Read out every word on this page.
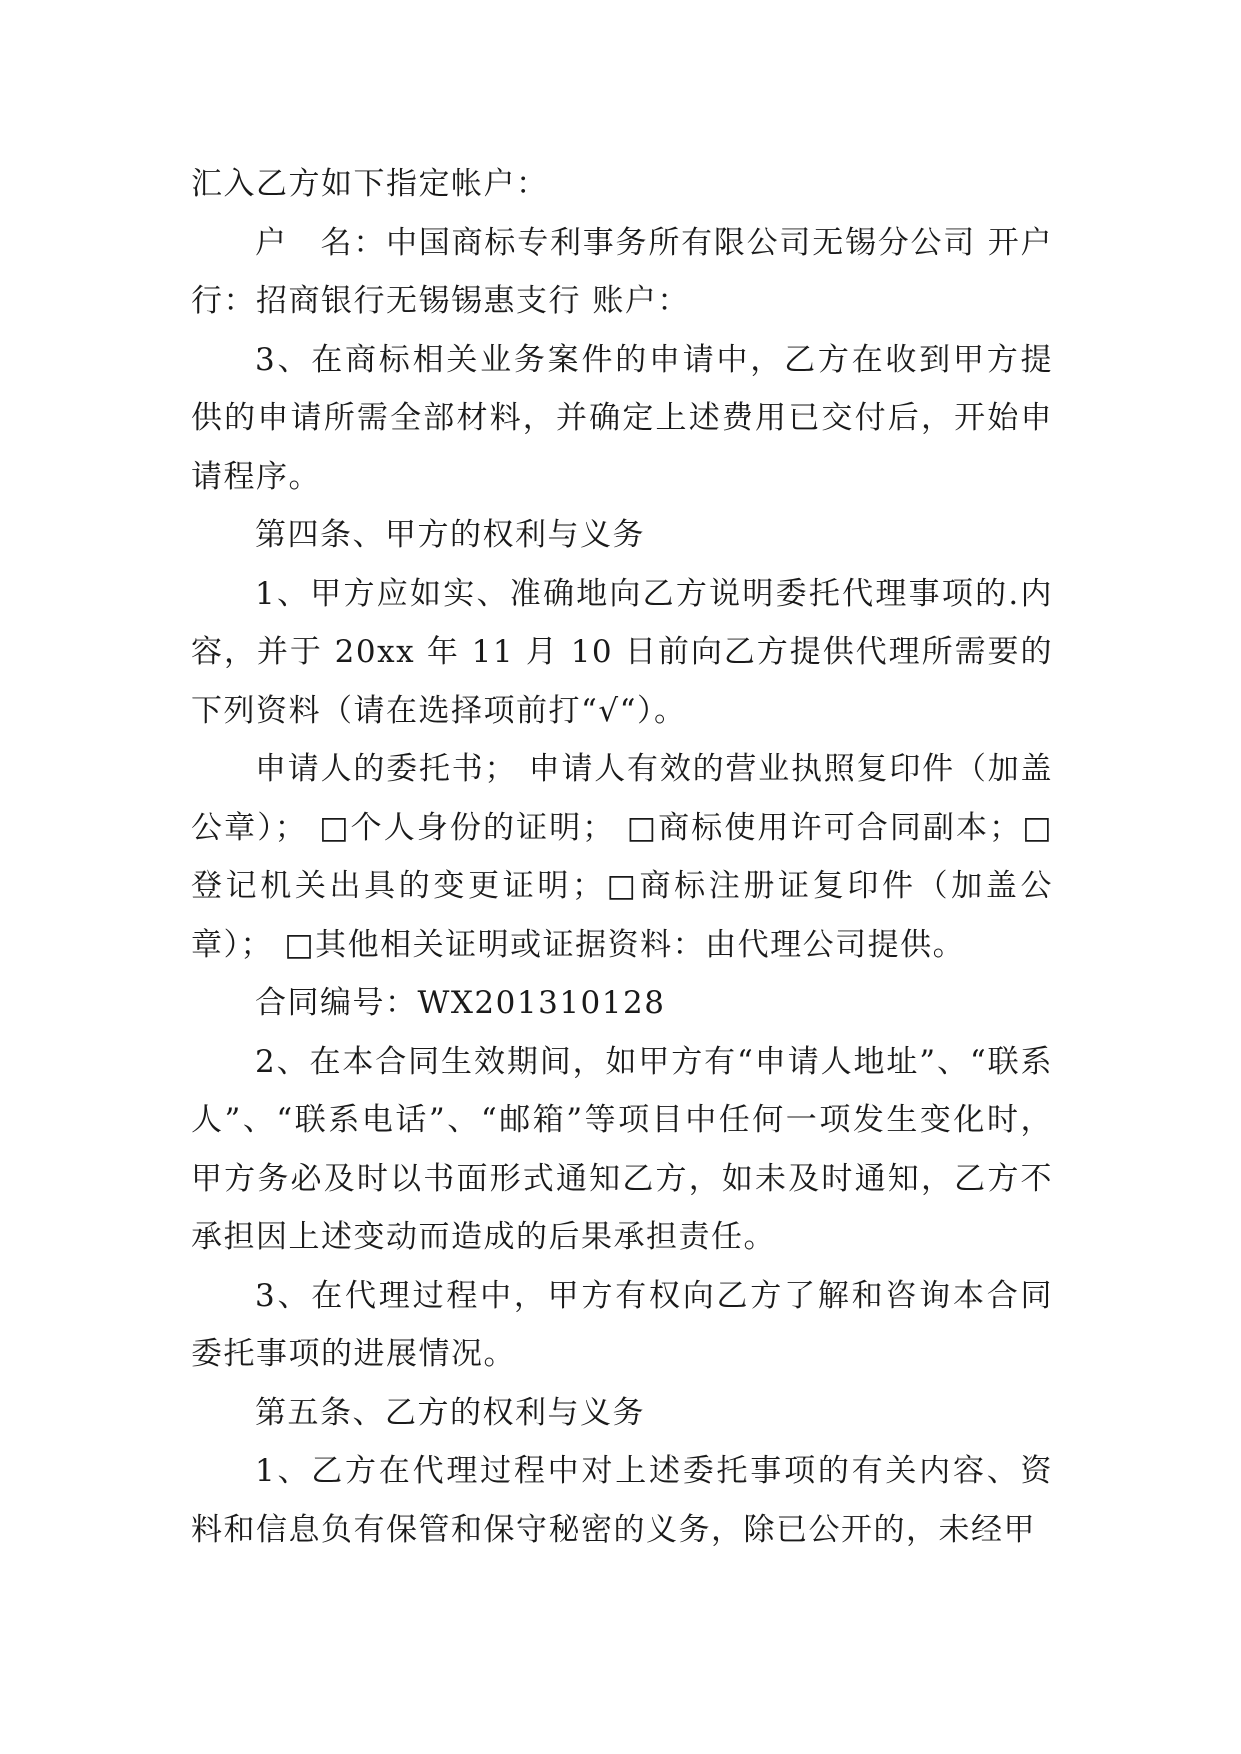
汇入乙方如下指定帐户：

户　名：中国商标专利事务所有限公司无锡分公司 开户行：招商银行无锡锡惠支行 账户：

3、在商标相关业务案件的申请中，乙方在收到甲方提供的申请所需全部材料，并确定上述费用已交付后，开始申请程序。

第四条、甲方的权利与义务

1、甲方应如实、准确地向乙方说明委托代理事项的.内容，并于 20xx 年 11 月 10 日前向乙方提供代理所需要的下列资料（请在选择项前打“√“）。

申请人的委托书； 申请人有效的营业执照复印件（加盖公章）； □个人身份的证明； □商标使用许可合同副本；□登记机关出具的变更证明；□商标注册证复印件（加盖公章）； □其他相关证明或证据资料：由代理公司提供。

合同编号：WX201310128

2、在本合同生效期间，如甲方有“申请人地址”、“联系人”、“联系电话”、“邮箱”等项目中任何一项发生变化时，甲方务必及时以书面形式通知乙方，如未及时通知，乙方不承担因上述变动而造成的后果承担责任。

3、在代理过程中，甲方有权向乙方了解和咨询本合同委托事项的进展情况。

第五条、乙方的权利与义务

1、乙方在代理过程中对上述委托事项的有关内容、资料和信息负有保管和保守秘密的义务，除已公开的，未经甲
